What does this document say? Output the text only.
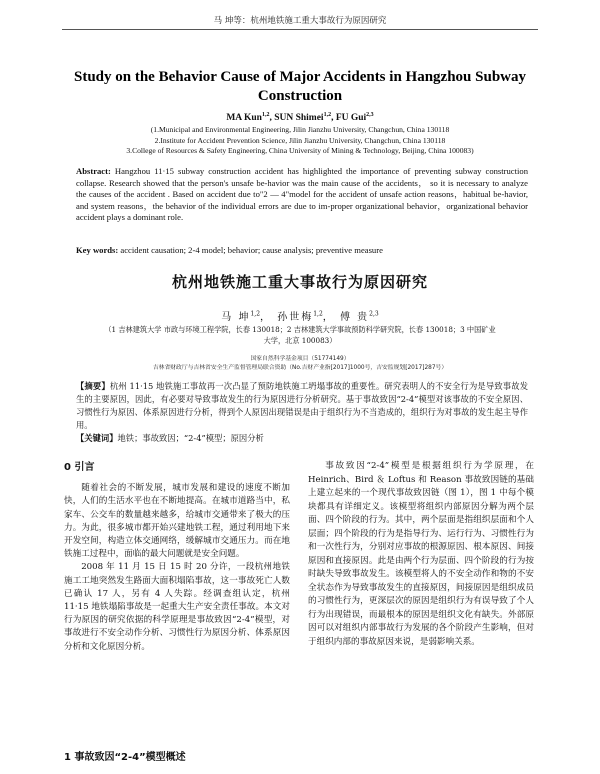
马 坤等：杭州地铁施工重大事故行为原因研究
Study on the Behavior Cause of Major Accidents in Hangzhou Subway
Construction
MA Kun$^{1,2}$, SUN Shimei$^{1,2}$, FU Gui$^{2,3}$
(1.Municipal and Environmental Engineering, Jilin Jianzhu University, Changchun, China 130118
2.Institute for Accident Prevention Science, Jilin Jianzhu University, Changchun, China 130118
3.College of Resources & Safety Engineering, China University of Mining & Technology, Beijing, China 100083)
Abstract: Hangzhou 11·15 subway construction accident has highlighted the importance of preventing subway construction collapse. Research showed that the person's unsafe be-havior was the main cause of the accidents， so it is necessary to analyze the causes of the accident . Based on accident due to"2 — 4"model for the accident of unsafe action reasons，habitual be-havior, and system reasons，the behavior of the individual errors are due to im-proper organizational behavior，organizational behavior accident plays a dominant role.
Key words: accident causation; 2-4 model; behavior; cause analysis; preventive measure
杭州地铁施工重大事故行为原因研究
马 坤$^{1,2}$， 孙世梅$^{1,2}$， 傅 贵$^{2,3}$
（1 吉林建筑大学 市政与环境工程学院，长春 130018；2 吉林建筑大学事故预防科学研究院，长春 130018；3 中国矿业
大学，北京 100083）
国家自然科学基金项目（51774149）
吉林省财政厅与吉林省安全生产监督管理局联合资助（No.吉财产业指[2017]1000号，吉安监规划[2017]287号）
【摘要】杭州 11·15 地铁施工事故再一次凸显了预防地铁施工坍塌事故的重要性。研究表明人的不安全行为是导致事故发生的主要原因，因此，有必要对导致事故发生的行为原因进行分析研究。基于事故致因“2-4”模型对该事故的不安全原因、习惯性行为原因、体系原因进行分析，得到个人原因出现错误是由于组织行为不当造成的，组织行为对事故的发生起主导作用。
【关键词】地铁；事故致因；“2-4”模型；原因分析
0 引言

随着社会的不断发展，城市发展和建设的速度不断加快，人们的生活水平也在不断地提高。在城市道路当中，私家车、公交车的数量越来越多，给城市交通带来了极大的压力。为此，很多城市都开始兴建地铁工程，通过利用地下来开发空间，构造立体交通网络，缓解城市交通压力。而在地铁施工过程中，面临的最大问题就是安全问题。

2008 年 11 月 15 日 15 时 20 分许，一段杭州地铁施工工地突然发生路面大面积塌陷事故，这一事故死亡人数已确认 17 人，另有 4 人失踪。经调查组认定，杭州 11·15 地铁塌陷事故是一起重大生产安全责任事故。本文对行为原因的研究依据的科学原理是事故致因“2-4”模型，对事故进行不安全动作分析、习惯性行为原因分析、体系原因分析和文化原因分析。

1 事故致因“2-4”模型概述

事故致因“2-4”模型是根据组织行为学原理，在 Heinrich、Bird ＆ Loftus 和 Reason 事故致因链的基础上建立起来的一个现代事故致因链（图 1），图 1 中每个模块都具有详细定义。该模型将组织内部原因分解为两个层面、四个阶段的行为。其中，两个层面是指组织层面和个人层面；四个阶段的行为是指导行为、运行行为、习惯性行为和一次性行为，分别对应事故的根源原因、根本原因、间接原因和直接原因。此是由两个行为层面、四个阶段的行为按时缺失导致事故发生。该模型将人的不安全动作和物的不安全状态作为导致事故发生的直接原因，间接原因是组织成员的习惯性行为，更深层次的原因是组织行为有误导致了个人行为出现错误，而最根本的原因是组织文化有缺失。外部原因可以对组织内部事故行为发展的各个阶段产生影响，但对于组织内部的事故原因来说，是弱影响关系。
